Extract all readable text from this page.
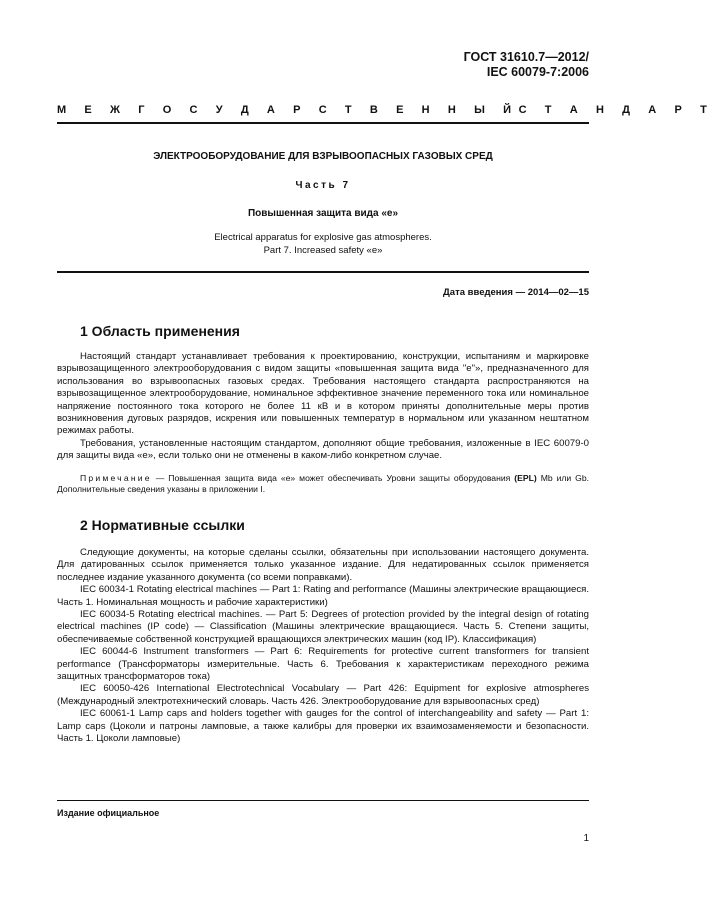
ГОСТ 31610.7—2012/
IEC 60079-7:2006
М Е Ж Г О С У Д А Р С Т В Е Н Н Ы Й С Т А Н Д А Р Т
ЭЛЕКТРООБОРУДОВАНИЕ ДЛЯ ВЗРЫВООПАСНЫХ ГАЗОВЫХ СРЕД
Часть 7
Повышенная защита вида «е»
Electrical apparatus for explosive gas atmospheres.
Part 7. Increased safety «e»
Дата введения — 2014—02—15
1 Область применения

Настоящий стандарт устанавливает требования к проектированию, конструкции, испытаниям и маркировке взрывозащищенного электрооборудования с видом защиты «повышенная защита вида "е"», предназначенного для использования во взрывоопасных газовых средах. Требования настоящего стандарта распространяются на взрывозащищенное электрооборудование, номинальное эффективное значение переменного тока или номинальное напряжение постоянного тока которого не более 11 кВ и в котором приняты дополнительные меры против возникновения дуговых разрядов, искрения или повышенных температур в нормальном или указанном нештатном режимах работы.

Требования, установленные настоящим стандартом, дополняют общие требования, изложенные в IEC 60079-0 для защиты вида «е», если только они не отменены в каком-либо конкретном случае.

Примечание — Повышенная защита вида «е» может обеспечивать Уровни защиты оборудования (EPL) Mb или Gb. Дополнительные сведения указаны в приложении I.

2 Нормативные ссылки

Следующие документы, на которые сделаны ссылки, обязательны при использовании настоящего документа. Для датированных ссылок применяется только указанное издание. Для недатированных ссылок применяется последнее издание указанного документа (со всеми поправками).

IEC 60034-1 Rotating electrical machines — Part 1: Rating and performance (Машины электрические вращающиеся. Часть 1. Номинальная мощность и рабочие характеристики)

IEC 60034-5 Rotating electrical machines. — Part 5: Degrees of protection provided by the integral design of rotating electrical machines (IP code) — Classification (Машины электрические вращающиеся. Часть 5. Степени защиты, обеспечиваемые собственной конструкцией вращающихся электрических машин (код IP). Классификация)

IEC 60044-6 Instrument transformers — Part 6: Requirements for protective current transformers for transient performance (Трансформаторы измерительные. Часть 6. Требования к характеристикам переходного режима защитных трансформаторов тока)

IEC 60050-426 International Electrotechnical Vocabulary — Part 426: Equipment for explosive atmospheres (Международный электротехнический словарь. Часть 426. Электрооборудование для взрывоопасных сред)

IEC 60061-1 Lamp caps and holders together with gauges for the control of interchangeability and safety — Part 1: Lamp caps (Цоколи и патроны ламповые, а также калибры для проверки их взаимозаменяемости и безопасности. Часть 1. Цоколи ламповые)

Издание официальное
1
